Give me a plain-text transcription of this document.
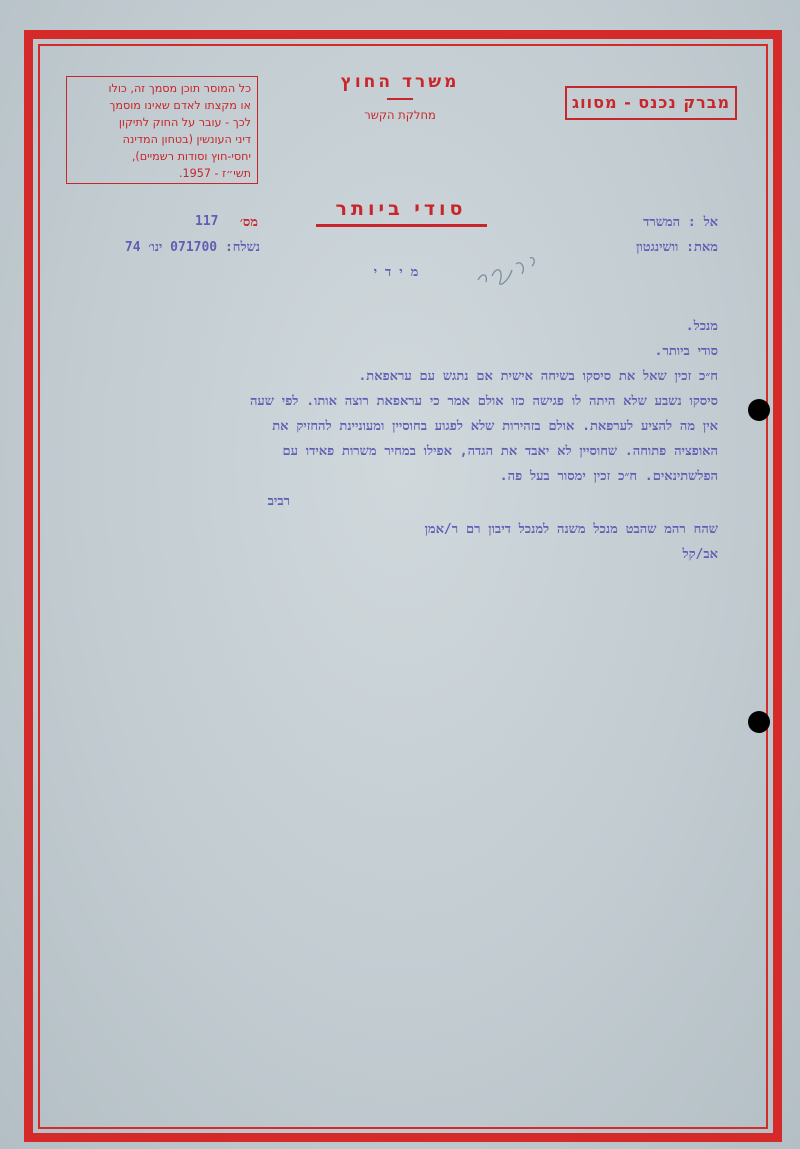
כל המוסר תוכן מסמך זה, כולו
או מקצתו לאדם שאינו מוסמך
לכך - עובר על החוק לתיקון
דיני העונשין (בטחון המדינה
יחסי-חוץ וסודות רשמיים),
תשי״ז - 1957.
משרד החוץ
מחלקת הקשר
מברק נכנס - מסווג
סודי ביותר
מס׳
117
נשלח: 071700 ינו׳ 74
אל : המשרד
מאת: וושינגטון
מידי
מנכל.
סודי ביותר.
ח״כ זכין שאל את סיסקו בשיחה אישית אם נתגש עם עראפאת.
סיסקו נשבע שלא היתה לו פגישה כזו אולם אמר כי עראפאת רוצה אותו. לפי שעה
אין מה להציע לערפאת. אולם בזהירות שלא לפגוע בחוסיין ומעוניינת להחזיק את
האופציה פתוחה. שחוסיין לא יאבד את הגדה, אפילו במחיר משרות פאידו עם
הפלשתינאים. ח״כ זכין ימסור בעל פה.
רביב
שהח רהמ שהבט מנכל משנה למנכל דיבון רם ר/אמן
אב/קל
